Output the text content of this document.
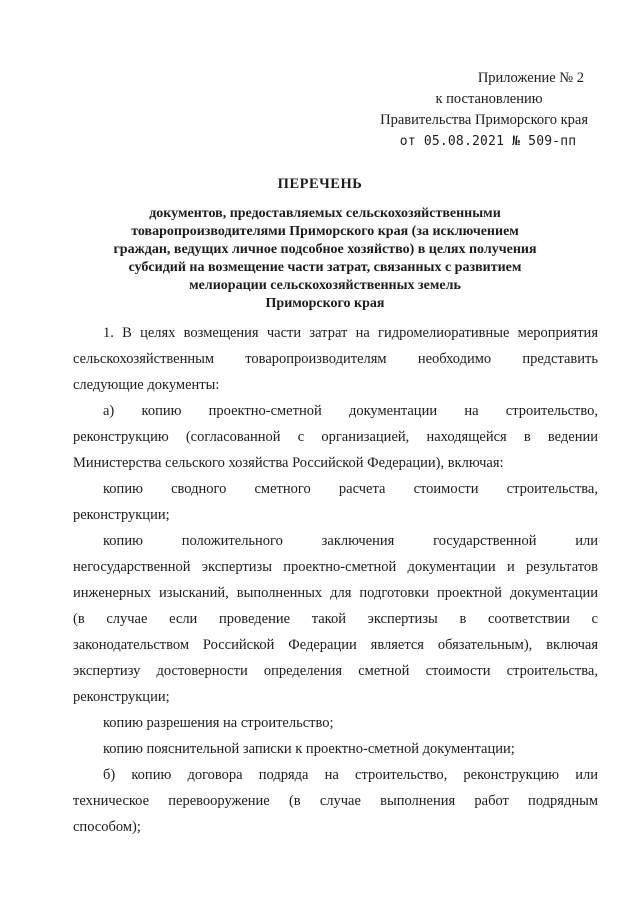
Приложение № 2
к постановлению
Правительства Приморского края
от 05.08.2021 № 509-пп
ПЕРЕЧЕНЬ
документов, предоставляемых сельскохозяйственными
товаропроизводителями Приморского края (за исключением
граждан, ведущих личное подсобное хозяйство) в целях получения
субсидий на возмещение части затрат, связанных с развитием
мелиорации сельскохозяйственных земель
Приморского края
1. В целях возмещения части затрат на гидромелиоративные мероприятия
сельскохозяйственным товаропроизводителям необходимо представить
следующие документы:
а) копию проектно-сметной документации на строительство,
реконструкцию (согласованной с организацией, находящейся в ведении
Министерства сельского хозяйства Российской Федерации), включая:
копию сводного сметного расчета стоимости строительства,
реконструкции;
копию положительного заключения государственной или
негосударственной экспертизы проектно-сметной документации и результатов
инженерных изысканий, выполненных для подготовки проектной документации
(в случае если проведение такой экспертизы в соответствии с
законодательством Российской Федерации является обязательным), включая
экспертизу достоверности определения сметной стоимости строительства,
реконструкции;
копию разрешения на строительство;
копию пояснительной записки к проектно-сметной документации;
б) копию договора подряда на строительство, реконструкцию или
техническое перевооружение (в случае выполнения работ подрядным
способом);
